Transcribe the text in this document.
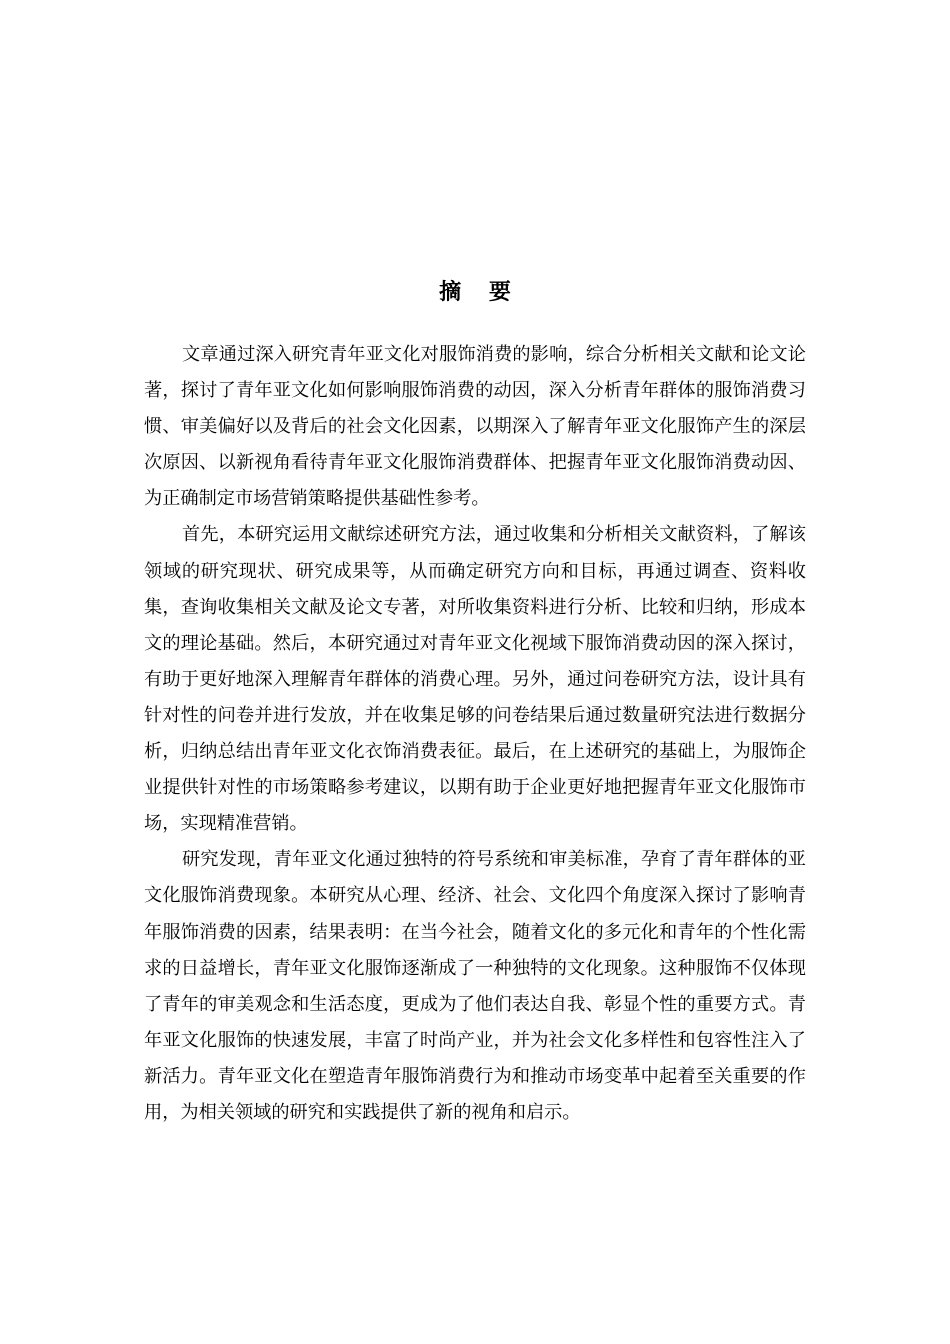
摘 要

文章通过深入研究青年亚文化对服饰消费的影响，综合分析相关文献和论文论著，探讨了青年亚文化如何影响服饰消费的动因，深入分析青年群体的服饰消费习惯、审美偏好以及背后的社会文化因素，以期深入了解青年亚文化服饰产生的深层次原因、以新视角看待青年亚文化服饰消费群体、把握青年亚文化服饰消费动因、为正确制定市场营销策略提供基础性参考。

首先，本研究运用文献综述研究方法，通过收集和分析相关文献资料，了解该领域的研究现状、研究成果等，从而确定研究方向和目标，再通过调查、资料收集，查询收集相关文献及论文专著，对所收集资料进行分析、比较和归纳，形成本文的理论基础。然后，本研究通过对青年亚文化视域下服饰消费动因的深入探讨，有助于更好地深入理解青年群体的消费心理。另外，通过问卷研究方法，设计具有针对性的问卷并进行发放，并在收集足够的问卷结果后通过数量研究法进行数据分析，归纳总结出青年亚文化衣饰消费表征。最后，在上述研究的基础上，为服饰企业提供针对性的市场策略参考建议，以期有助于企业更好地把握青年亚文化服饰市场，实现精准营销。

研究发现，青年亚文化通过独特的符号系统和审美标准，孕育了青年群体的亚文化服饰消费现象。本研究从心理、经济、社会、文化四个角度深入探讨了影响青年服饰消费的因素，结果表明：在当今社会，随着文化的多元化和青年的个性化需求的日益增长，青年亚文化服饰逐渐成了一种独特的文化现象。这种服饰不仅体现了青年的审美观念和生活态度，更成为了他们表达自我、彰显个性的重要方式。青年亚文化服饰的快速发展，丰富了时尚产业，并为社会文化多样性和包容性注入了新活力。青年亚文化在塑造青年服饰消费行为和推动市场变革中起着至关重要的作用，为相关领域的研究和实践提供了新的视角和启示。
